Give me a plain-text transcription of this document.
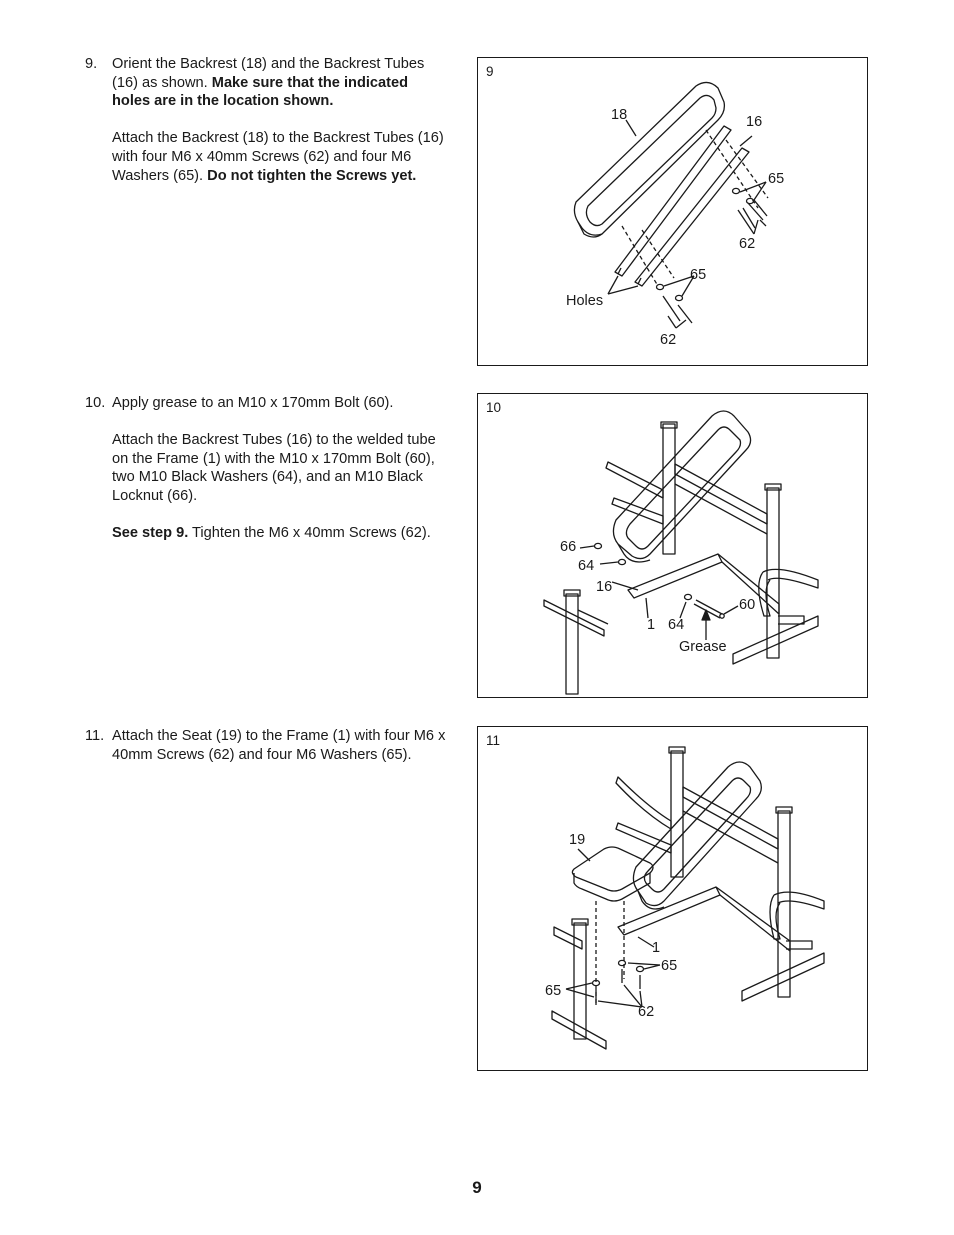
9. Orient the Backrest (18) and the Backrest Tubes (16) as shown. Make sure that the indicated holes are in the location shown.

Attach the Backrest (18) to the Backrest Tubes (16) with four M6 x 40mm Screws (62) and four M6 Washers (65). Do not tighten the Screws yet.

10. Apply grease to an M10 x 170mm Bolt (60).

Attach the Backrest Tubes (16) to the welded tube on the Frame (1) with the M10 x 170mm Bolt (60), two M10 Black Washers (64), and an M10 Black Locknut (66).

See step 9. Tighten the M6 x 40mm Screws (62).

11. Attach the Seat (19) to the Frame (1) with four M6 x 40mm Screws (62) and four M6 Washers (65).

9
18	16
65
62
65
Holes
62
10
66
64
16
1 64
60
Grease
11
19
1
65
65
62
9
